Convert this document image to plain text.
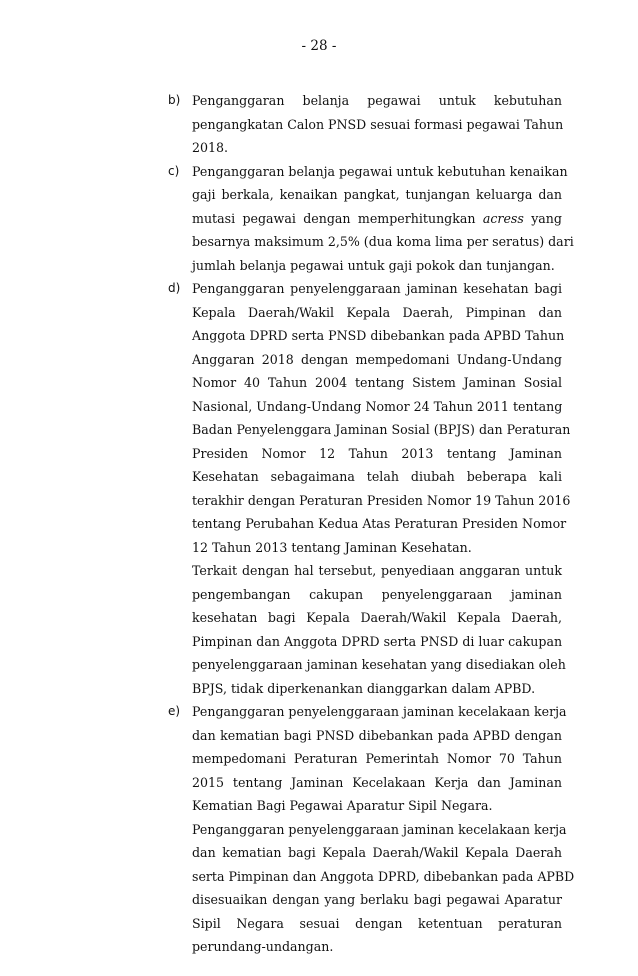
- 28 -
b) Penganggaran belanja pegawai untuk kebutuhan
pengangkatan Calon PNSD sesuai formasi pegawai Tahun
2018.

c) Penganggaran belanja pegawai untuk kebutuhan kenaikan
gaji berkala, kenaikan pangkat, tunjangan keluarga dan
mutasi pegawai dengan memperhitungkan acress yang
besarnya maksimum 2,5% (dua koma lima per seratus) dari
jumlah belanja pegawai untuk gaji pokok dan tunjangan.

d) Penganggaran penyelenggaraan jaminan kesehatan bagi
Kepala Daerah/Wakil Kepala Daerah, Pimpinan dan
Anggota DPRD serta PNSD dibebankan pada APBD Tahun
Anggaran 2018 dengan mempedomani Undang-Undang
Nomor 40 Tahun 2004 tentang Sistem Jaminan Sosial
Nasional, Undang-Undang Nomor 24 Tahun 2011 tentang
Badan Penyelenggara Jaminan Sosial (BPJS) dan Peraturan
Presiden Nomor 12 Tahun 2013 tentang Jaminan
Kesehatan sebagaimana telah diubah beberapa kali
terakhir dengan Peraturan Presiden Nomor 19 Tahun 2016
tentang Perubahan Kedua Atas Peraturan Presiden Nomor
12 Tahun 2013 tentang Jaminan Kesehatan.

Terkait dengan hal tersebut, penyediaan anggaran untuk
pengembangan cakupan penyelenggaraan jaminan
kesehatan bagi Kepala Daerah/Wakil Kepala Daerah,
Pimpinan dan Anggota DPRD serta PNSD di luar cakupan
penyelenggaraan jaminan kesehatan yang disediakan oleh
BPJS, tidak diperkenankan dianggarkan dalam APBD.

e) Penganggaran penyelenggaraan jaminan kecelakaan kerja
dan kematian bagi PNSD dibebankan pada APBD dengan
mempedomani Peraturan Pemerintah Nomor 70 Tahun
2015 tentang Jaminan Kecelakaan Kerja dan Jaminan
Kematian Bagi Pegawai Aparatur Sipil Negara.

Penganggaran penyelenggaraan jaminan kecelakaan kerja
dan kematian bagi Kepala Daerah/Wakil Kepala Daerah
serta Pimpinan dan Anggota DPRD, dibebankan pada APBD
disesuaikan dengan yang berlaku bagi pegawai Aparatur
Sipil Negara sesuai dengan ketentuan peraturan
perundang-undangan.
